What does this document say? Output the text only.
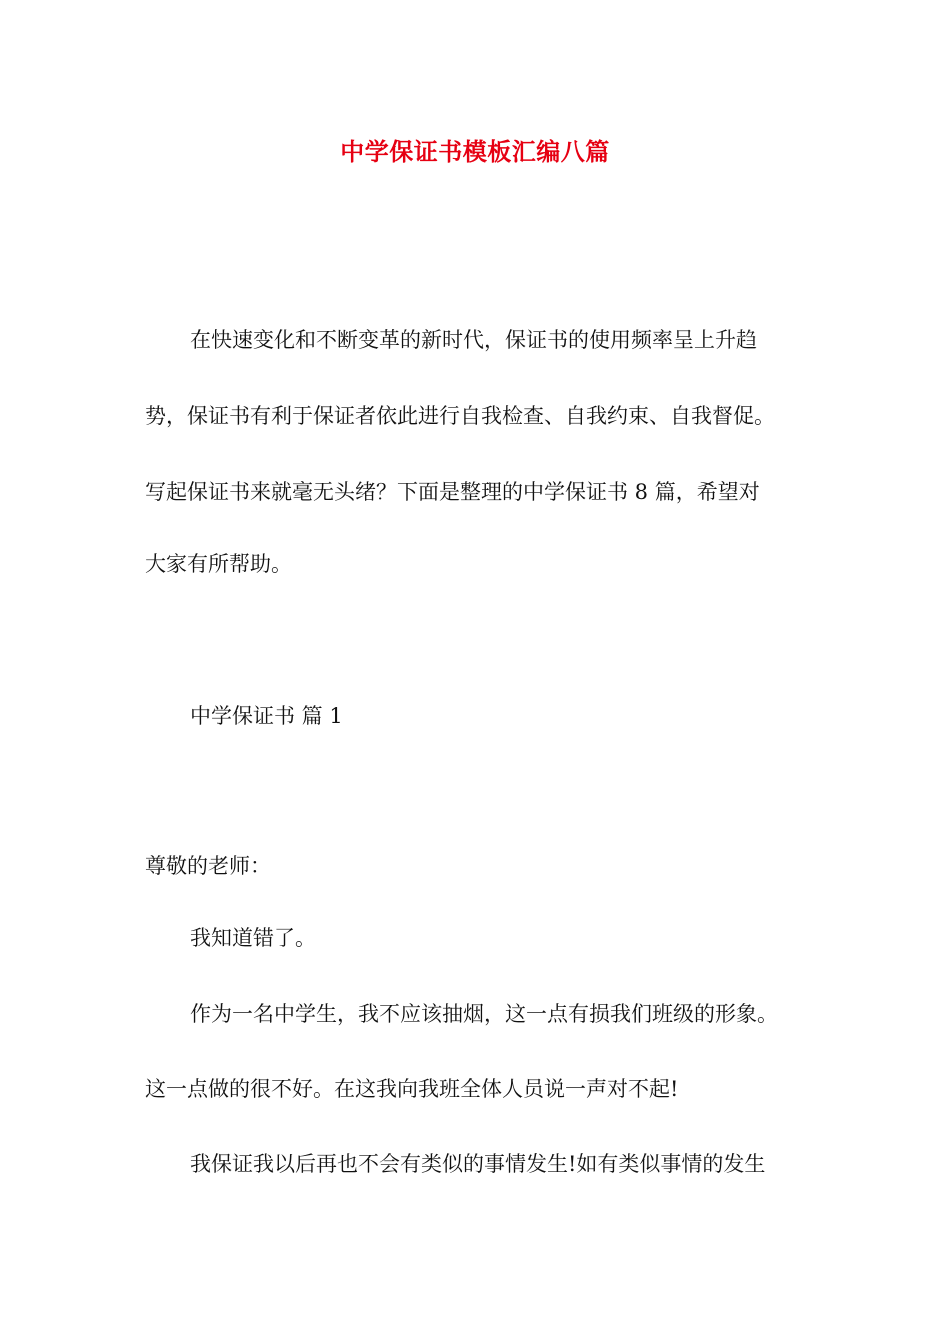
中学保证书模板汇编八篇
在快速变化和不断变革的新时代，保证书的使用频率呈上升趋
势，保证书有利于保证者依此进行自我检查、自我约束、自我督促。
写起保证书来就毫无头绪？下面是整理的中学保证书 8 篇，希望对
大家有所帮助。
中学保证书 篇 1
尊敬的老师：
我知道错了。
作为一名中学生，我不应该抽烟，这一点有损我们班级的形象。
这一点做的很不好。在这我向我班全体人员说一声对不起!
我保证我以后再也不会有类似的事情发生!如有类似事情的发生
